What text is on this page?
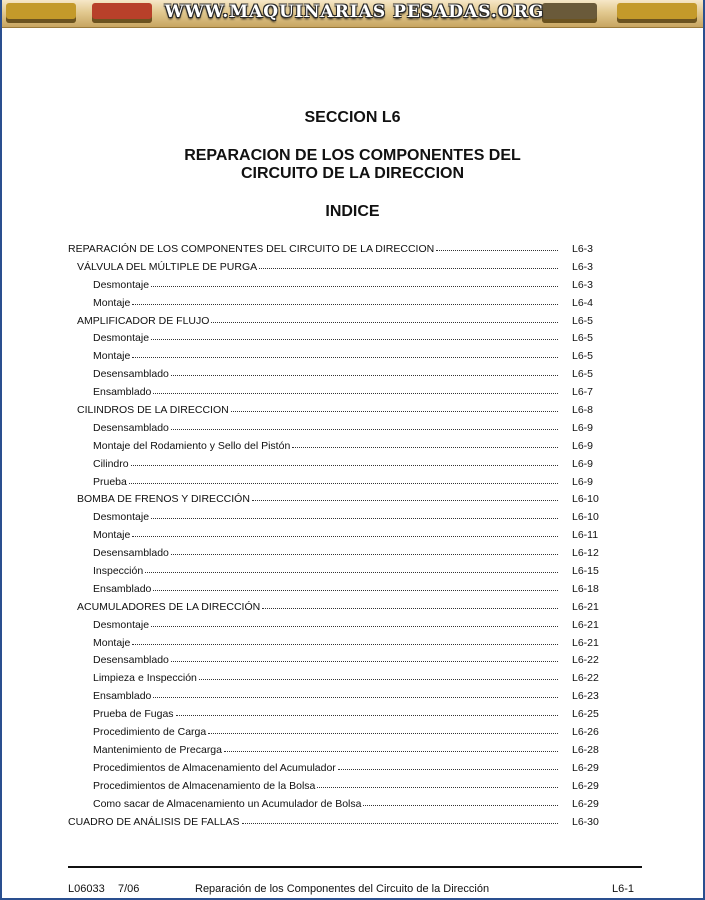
WWW.MAQUINARIAS PESADAS.ORG
SECCION L6
REPARACION DE LOS COMPONENTES DEL
CIRCUITO DE LA DIRECCION
INDICE
REPARACIÓN DE LOS COMPONENTES DEL CIRCUITO DE LA DIRECCION	L6-3
VÁLVULA DEL MÚLTIPLE DE PURGA	L6-3
Desmontaje	L6-3
Montaje	L6-4
AMPLIFICADOR DE FLUJO	L6-5
Desmontaje	L6-5
Montaje	L6-5
Desensamblado	L6-5
Ensamblado	L6-7
CILINDROS DE LA DIRECCION	L6-8
Desensamblado	L6-9
Montaje del Rodamiento y Sello del Pistón	L6-9
Cilindro	L6-9
Prueba	L6-9
BOMBA DE FRENOS Y DIRECCIÓN	L6-10
Desmontaje	L6-10
Montaje	L6-11
Desensamblado	L6-12
Inspección	L6-15
Ensamblado	L6-18
ACUMULADORES DE LA DIRECCIÓN	L6-21
Desmontaje	L6-21
Montaje	L6-21
Desensamblado	L6-22
Limpieza e Inspección	L6-22
Ensamblado	L6-23
Prueba de Fugas	L6-25
Procedimiento de Carga	L6-26
Mantenimiento de Precarga	L6-28
Procedimientos de Almacenamiento del Acumulador	L6-29
Procedimientos de Almacenamiento de la Bolsa	L6-29
Como sacar de Almacenamiento un Acumulador de Bolsa	L6-29
CUADRO DE ANÁLISIS DE FALLAS	L6-30
L06033 7/06	Reparación de los Componentes del Circuito de la Dirección	L6-1
